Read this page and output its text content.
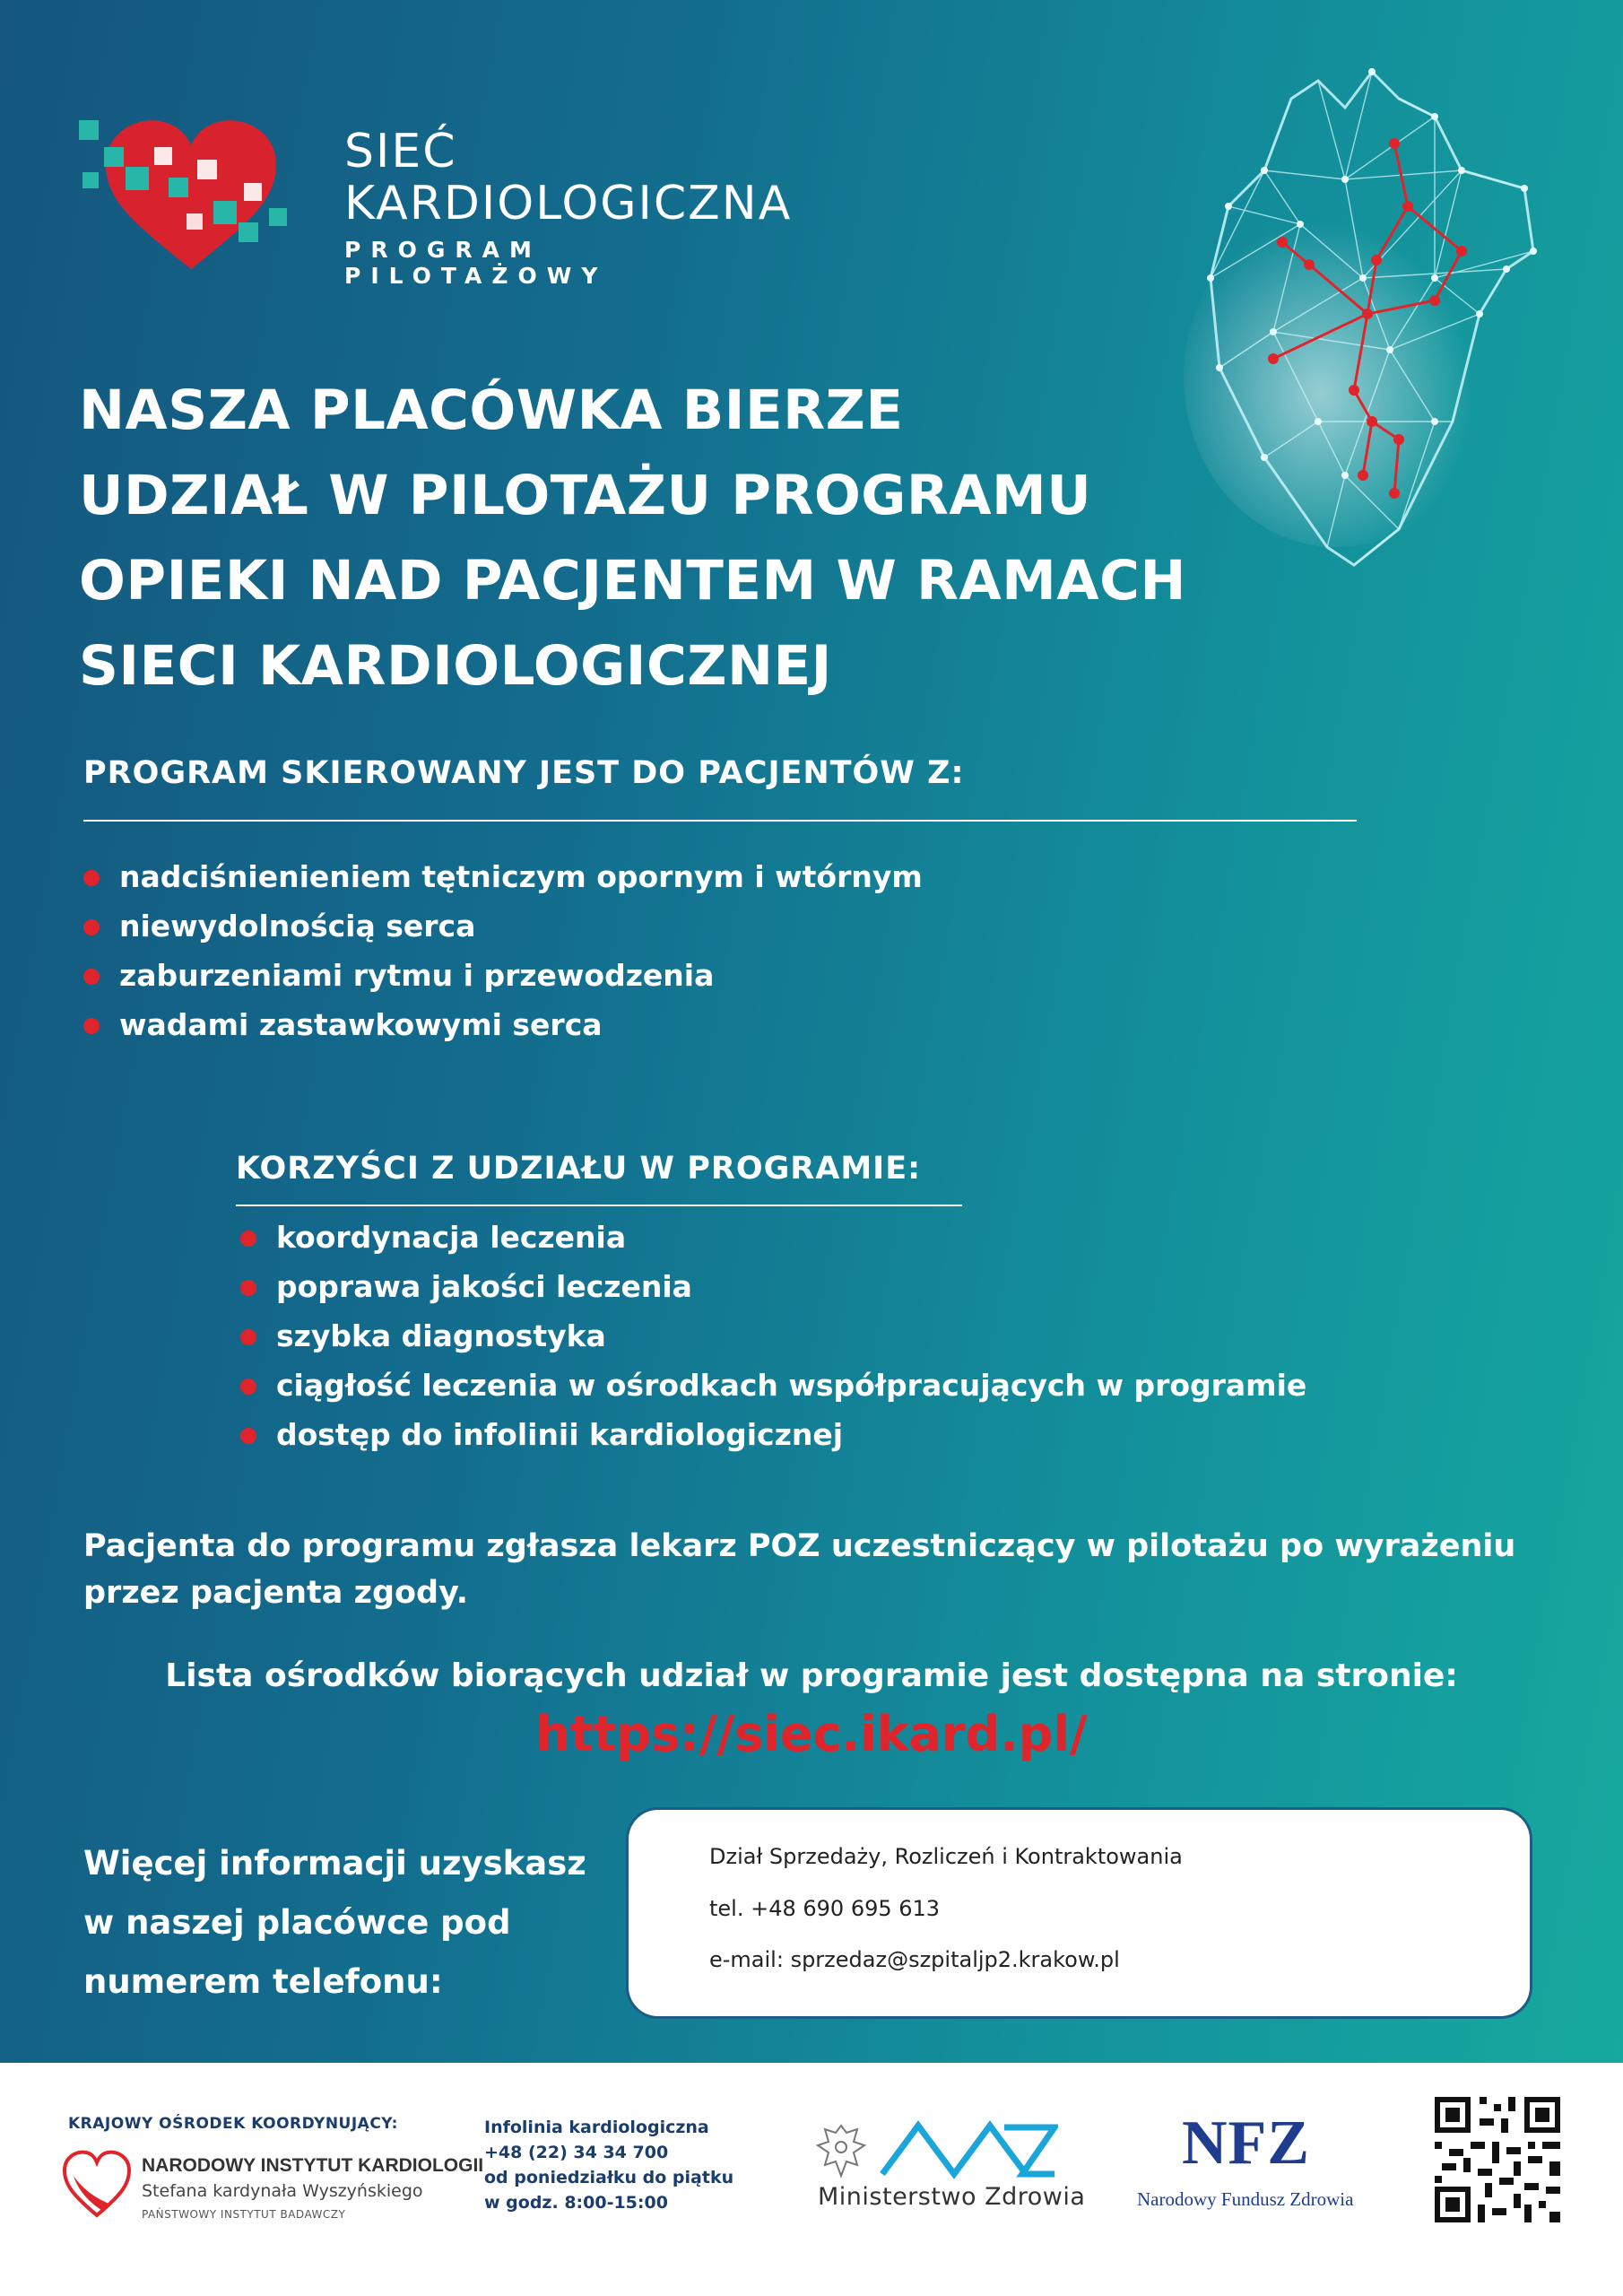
SIEĆ
KARDIOLOGICZNA
PROGRAM PILOTAŻOWY
NASZA PLACÓWKA BIERZE
UDZIAŁ W PILOTAŻU PROGRAMU
OPIEKI NAD PACJENTEM W RAMACH
SIECI KARDIOLOGICZNEJ
PROGRAM SKIEROWANY JEST DO PACJENTÓW Z:
nadciśnienieniem tętniczym opornym i wtórnym
niewydolnością serca
zaburzeniami rytmu i przewodzenia
wadami zastawkowymi serca
KORZYŚCI Z UDZIAŁU W PROGRAMIE:
koordynacja leczenia
poprawa jakości leczenia
szybka diagnostyka
ciągłość leczenia w ośrodkach współpracujących w programie
dostęp do infolinii kardiologicznej
Pacjenta do programu zgłasza lekarz POZ uczestniczący w pilotażu po wyrażeniu przez pacjenta zgody.
Lista ośrodków biorących udział w programie jest dostępna na stronie:
https://siec.ikard.pl/
Więcej informacji uzyskasz
w naszej placówce pod
numerem telefonu:
Dział Sprzedaży, Rozliczeń i Kontraktowania
tel. +48 690 695 613
e-mail: sprzedaz@szpitaljp2.krakow.pl
KRAJOWY OŚRODEK KOORDYNUJĄCY:
NARODOWY INSTYTUT KARDIOLOGII
Stefana kardynała Wyszyńskiego
PAŃSTWOWY INSTYTUT BADAWCZY
Infolinia kardiologiczna
+48 (22) 34 34 700
od poniedziałku do piątku
w godz. 8:00-15:00	Ministerstwo Zdrowia
NFZ
Narodowy Fundusz Zdrowia
